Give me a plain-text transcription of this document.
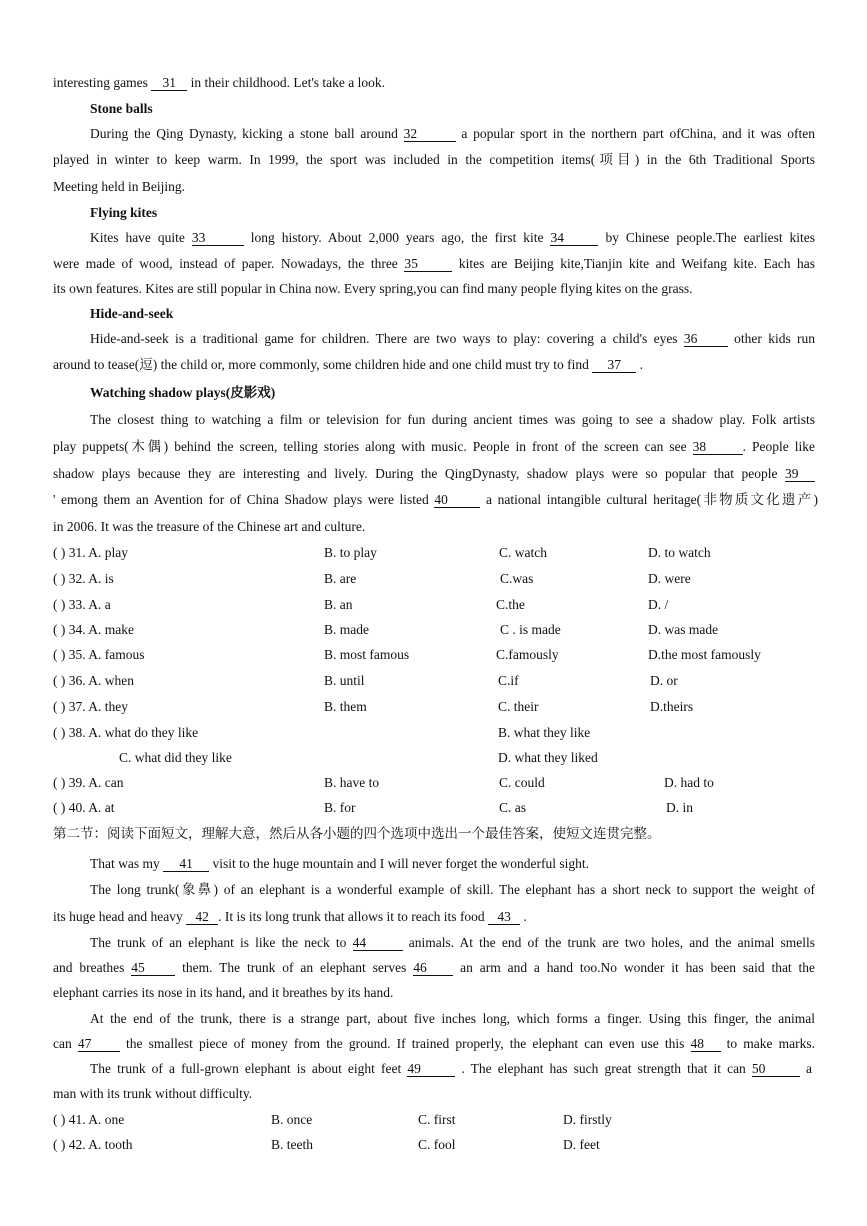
interesting games 31 in their childhood. Let's take a look.
Stone balls
During the Qing Dynasty, kicking a stone ball around 32	a popular sport in the northern part ofChina, and it was often
played in winter to keep warm. In 1999, the sport was included in the competition items(项目) in the 6th Traditional Sports
Meeting held in Beijing.
Flying kites
Kites have quite 33	long history. About 2,000 years ago, the first kite 34	by Chinese people.The earliest kites
were made of wood, instead of paper. Nowadays, the three 35	kites are Beijing kite,Tianjin kite and Weifang kite. Each has
its own features. Kites are still popular in China now. Every spring,you can find many people flying kites on the grass.
Hide-and-seek
Hide-and-seek is a traditional game for children. There are two ways to play: covering a child's eyes 36	other kids run
around to tease(逗) the child or, more commonly, some children hide and one child must try to find 37 .
Watching shadow plays(皮影戏)
The closest thing to watching a film or television for fun during ancient times was going to see a shadow play. Folk artists
play puppets(木偶) behind the screen, telling stories along with music. People in front of the screen can see 38	. People like
shadow plays because they are interesting and lively. During the QingDynasty, shadow plays were so popular that people 39
' emong them an Avention for of China Shadow plays were listed 40	a national intangible cultural heritage(非物质文化遗产)
in 2006. It was the treasure of the Chinese art and culture.
( ) 31. A. play	B. to play	C. watch	D. to watch
( ) 32. A. is	B. are	C.was	D. were
( ) 33. A. a	B. an	C.the	D. /
( ) 34. A. make	B. made	C . is made	D. was made
( ) 35. A. famous	B. most famous	C.famously	D.the most famously
( ) 36. A. when	B. until	C.if	D. or
( ) 37. A. they	B. them	C. their	D.theirs
( ) 38. A. what do they like	B. what they like
C. what did they like	D. what they liked
( ) 39. A. can	B. have to	C. could	D. had to
( ) 40. A. at	B. for	C. as	D. in
第二节：阅读下面短文，理解大意，然后从各小题的四个选项中选出一个最佳答案，使短文连贯完整。
That was my 41 visit to the huge mountain and I will never forget the wonderful sight.
The long trunk(象鼻) of an elephant is a wonderful example of skill. The elephant has a short neck to support the weight of
its huge head and heavy 42 . It is its long trunk that allows it to reach its food 43 .
The trunk of an elephant is like the neck to 44	animals. At the end of the trunk are two holes, and the animal smells
and breathes 45	them. The trunk of an elephant serves 46 an arm and a hand too.No wonder it has been said that the
elephant carries its nose in its hand, and it breathes by its hand.
At the end of the trunk, there is a strange part, about five inches long, which forms a finger. Using this finger, the animal
can 47	the smallest piece of money from the ground. If trained properly, the elephant can even use this 48 to make marks.
The trunk of a full-grown elephant is about eight feet 49	. The elephant has such great strength that it can 50	a
man with its trunk without difficulty.
( ) 41. A. one	B. once	C. first	D. firstly
( ) 42. A. tooth	B. teeth	C. fool	D. feet
